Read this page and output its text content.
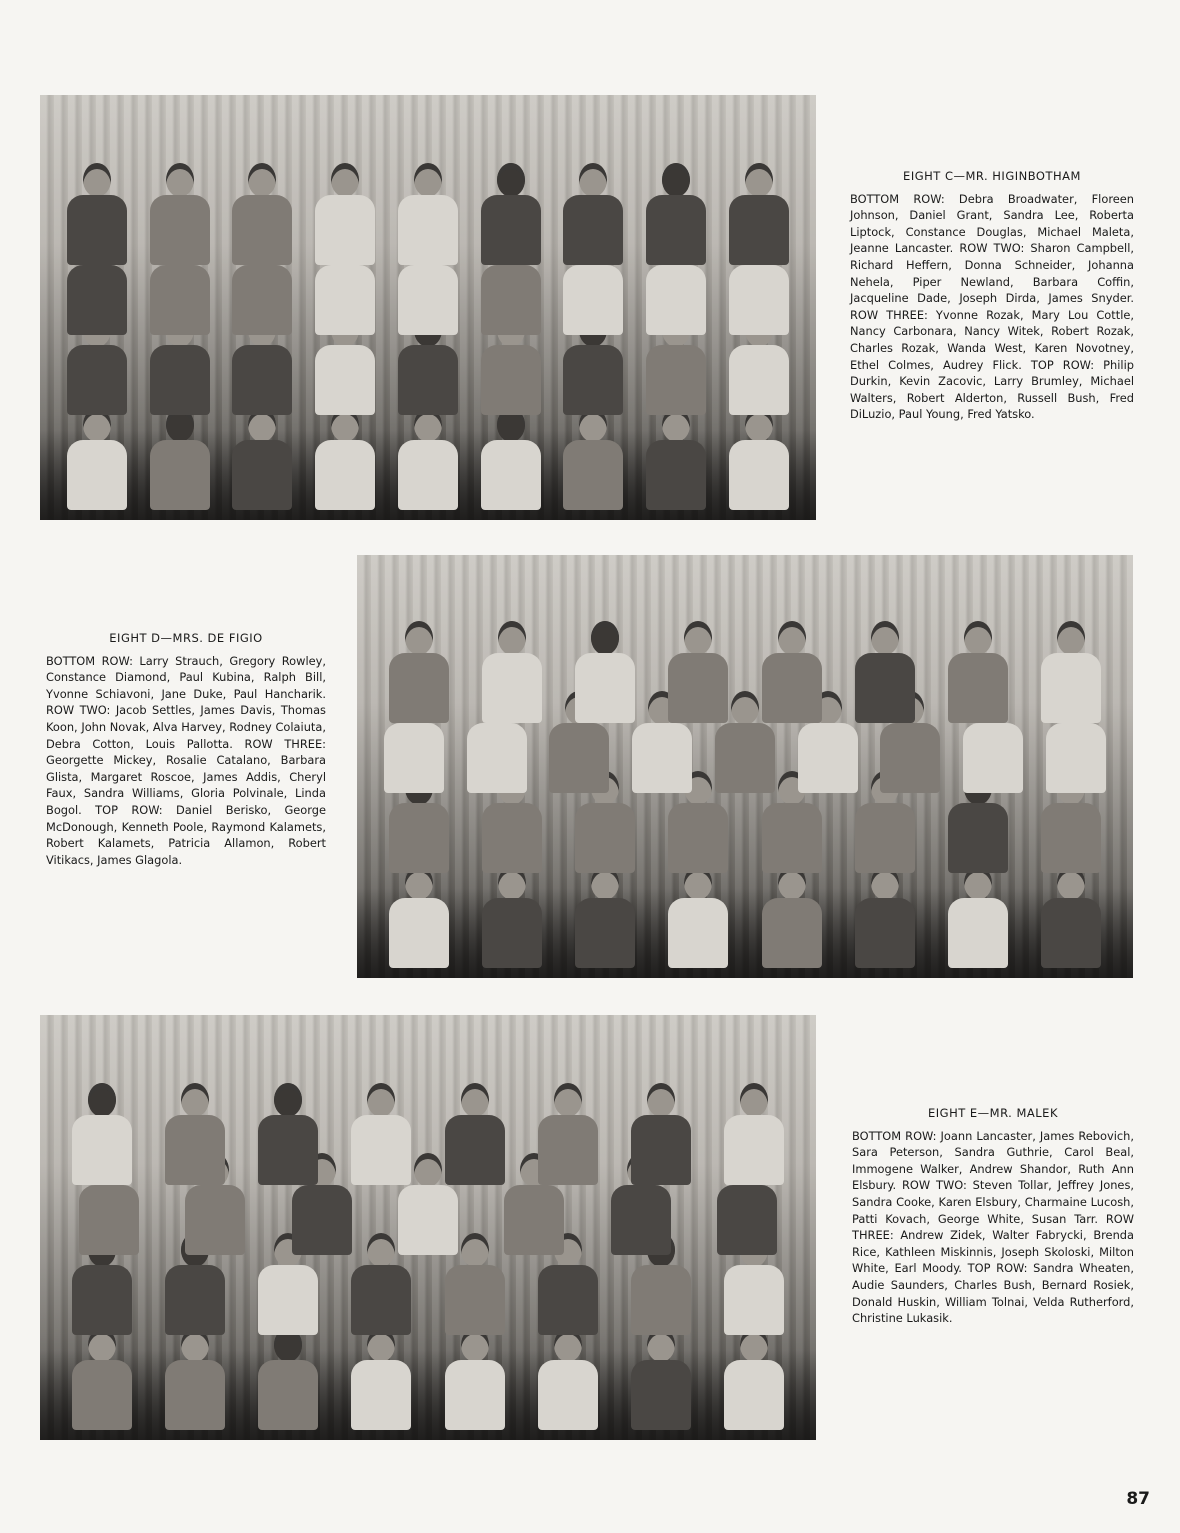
EIGHT C—MR. HIGINBOTHAM
BOTTOM ROW: Debra Broadwater, Floreen Johnson, Daniel Grant, Sandra Lee, Roberta Liptock, Constance Douglas, Michael Maleta, Jeanne Lancaster. ROW TWO: Sharon Campbell, Richard Heffern, Donna Schneider, Johanna Nehela, Piper Newland, Barbara Coffin, Jacqueline Dade, Joseph Dirda, James Snyder. ROW THREE: Yvonne Rozak, Mary Lou Cottle, Nancy Carbonara, Nancy Witek, Robert Rozak, Charles Rozak, Wanda West, Karen Novotney, Ethel Colmes, Audrey Flick. TOP ROW: Philip Durkin, Kevin Zacovic, Larry Brumley, Michael Walters, Robert Alderton, Russell Bush, Fred DiLuzio, Paul Young, Fred Yatsko.
EIGHT D—MRS. DE FIGIO
BOTTOM ROW: Larry Strauch, Gregory Rowley, Constance Diamond, Paul Kubina, Ralph Bill, Yvonne Schiavoni, Jane Duke, Paul Hancharik. ROW TWO: Jacob Settles, James Davis, Thomas Koon, John Novak, Alva Harvey, Rodney Colaiuta, Debra Cotton, Louis Pallotta. ROW THREE: Georgette Mickey, Rosalie Catalano, Barbara Glista, Margaret Roscoe, James Addis, Cheryl Faux, Sandra Williams, Gloria Polvinale, Linda Bogol. TOP ROW: Daniel Berisko, George McDonough, Kenneth Poole, Raymond Kalamets, Robert Kalamets, Patricia Allamon, Robert Vitikacs, James Glagola.
EIGHT E—MR. MALEK
BOTTOM ROW: Joann Lancaster, James Rebovich, Sara Peterson, Sandra Guthrie, Carol Beal, Immogene Walker, Andrew Shandor, Ruth Ann Elsbury. ROW TWO: Steven Tollar, Jeffrey Jones, Sandra Cooke, Karen Elsbury, Charmaine Lucosh, Patti Kovach, George White, Susan Tarr. ROW THREE: Andrew Zidek, Walter Fabrycki, Brenda Rice, Kathleen Miskinnis, Joseph Skoloski, Milton White, Earl Moody. TOP ROW: Sandra Wheaten, Audie Saunders, Charles Bush, Bernard Rosiek, Donald Huskin, William Tolnai, Velda Rutherford, Christine Lukasik.
87
